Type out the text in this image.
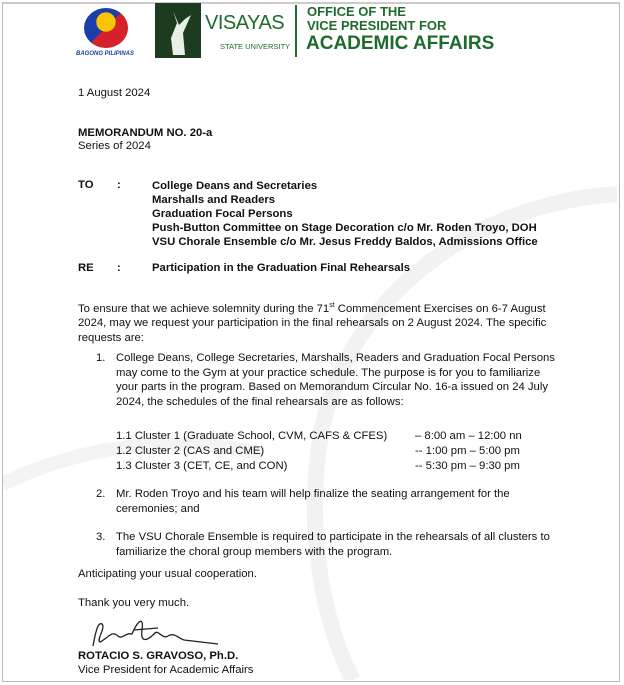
BAGONG PILIPINAS
VISAYAS
STATE UNIVERSITY
OFFICE OF THE
VICE PRESIDENT FOR
ACADEMIC AFFAIRS
1 August 2024
MEMORANDUM NO. 20-a
Series of 2024
TO :	College Deans and Secretaries
Marshalls and Readers
Graduation Focal Persons
Push-Button Committee on Stage Decoration c/o Mr. Roden Troyo, DOH
VSU Chorale Ensemble c/o Mr. Jesus Freddy Baldos, Admissions Office
RE :	Participation in the Graduation Final Rehearsals
To ensure that we achieve solemnity during the 71st Commencement Exercises on 6-7 August
2024, may we request your participation in the final rehearsals on 2 August 2024. The specific
requests are:
1. College Deans, College Secretaries, Marshalls, Readers and Graduation Focal Persons
may come to the Gym at your practice schedule. The purpose is for you to familiarize
your parts in the program. Based on Memorandum Circular No. 16-a issued on 24 July
2024, the schedules of the final rehearsals are as follows:
1.1 Cluster 1 (Graduate School, CVM, CAFS & CFES)	– 8:00 am – 12:00 nn
1.2 Cluster 2 (CAS and CME)	-- 1:00 pm – 5:00 pm
1.3 Cluster 3 (CET, CE, and CON)	-- 5:30 pm – 9:30 pm
2. Mr. Roden Troyo and his team will help finalize the seating arrangement for the
ceremonies; and
3. The VSU Chorale Ensemble is required to participate in the rehearsals of all clusters to
familiarize the choral group members with the program.
Anticipating your usual cooperation.
Thank you very much.
ROTACIO S. GRAVOSO, Ph.D.
Vice President for Academic Affairs
